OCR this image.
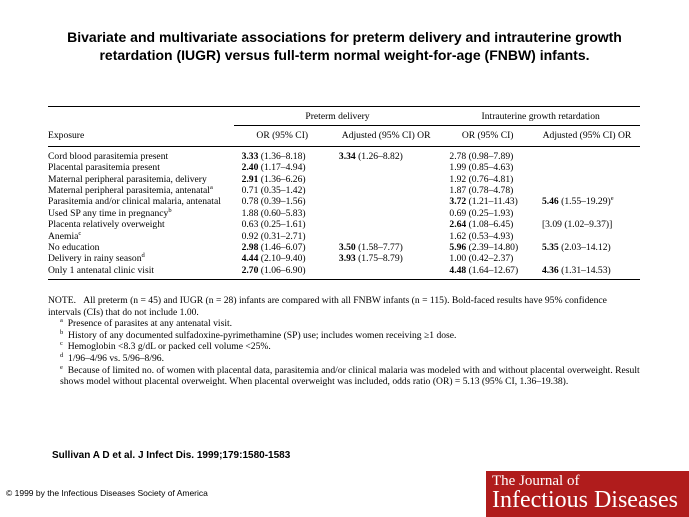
Bivariate and multivariate associations for preterm delivery and intrauterine growth retardation (IUGR) versus full-term normal weight-for-age (FNBW) infants.

	Preterm delivery		Intrauterine growth retardation	
Exposure	OR (95% CI)	Adjusted (95% CI) OR	OR (95% CI)	Adjusted (95% CI) OR
Cord blood parasitemia present	3.33 (1.36–8.18)	3.34 (1.26–8.82)	2.78 (0.98–7.89)	
Placental parasitemia present	2.40 (1.17–4.94)		1.99 (0.85–4.63)	
Maternal peripheral parasitemia, delivery	2.91 (1.36–6.26)		1.92 (0.76–4.81)	
Maternal peripheral parasitemia, antenatal$^a$	0.71 (0.35–1.42)		1.87 (0.78–4.78)	
Parasitemia and/or clinical malaria, antenatal	0.78 (0.39–1.56)		3.72 (1.21–11.43)	5.46 $(1.55-19.29)^e$
Used SP any time in pregnancy$^b$	1.88 (0.60–5.83)		0.69 (0.25–1.93)	
Placenta relatively overweight	0.63 (0.25–1.61)		2.64 (1.08–6.45)	[3.09 (1.02–9.37)]
Anemia$^c$	0.92 (0.31–2.71)		1.62 (0.53–4.93)	
No education	2.98 (1.46–6.07)	3.50 (1.58–7.77)	5.96 (2.39–14.80)	5.35 (2.03–14.12)
Delivery in rainy season$^d$	4.44 (2.10–9.40)	3.93 (1.75–8.79)	1.00 (0.42–2.37)	
Only 1 antenatal clinic visit	2.70 (1.06–6.90)		4.48 (1.64–12.67)	4.36 (1.31–14.53)

NOTE. All preterm (n = 45) and IUGR (n = 28) infants are compared with all FNBW infants (n = 115). Bold-faced results have 95% confidence intervals (CIs) that do not include 1.00.

$^a$ Presence of parasites at any antenatal visit.

$^b$ History of any documented sulfadoxine-pyrimethamine (SP) use; includes women receiving ≥1 dose.

$^c$ Hemoglobin <8.3 g/dL or packed cell volume <25%.

$^d$ 1/96–4/96 vs. 5/96–8/96.

$^e$ Because of limited no. of women with placental data, parasitemia and/or clinical malaria was modeled with and without placental overweight. Result shows model without placental overweight. When placental overweight was included, odds ratio (OR) = 5.13 (95% CI, 1.36–19.38).

Sullivan A D et al. J Infect Dis. 1999;179:1580-1583
© 1999 by the Infectious Diseases Society of America
The Journal of
Infectious Diseases
